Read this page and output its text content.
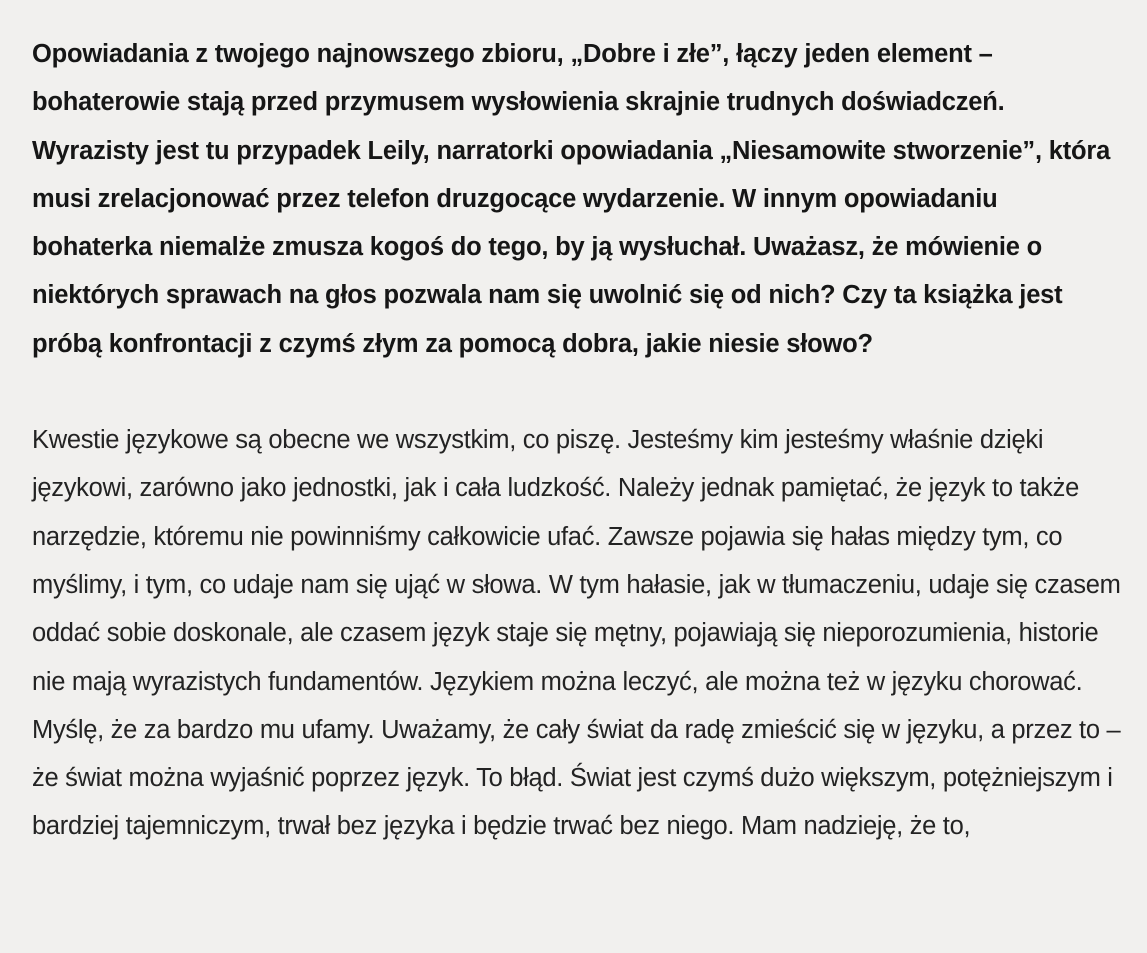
Opowiadania z twojego najnowszego zbioru, „Dobre i złe”, łączy jeden element – bohaterowie stają przed przymusem wysłowienia skrajnie trudnych doświadczeń. Wyrazisty jest tu przypadek Leily, narratorki opowiadania „Niesamowite stworzenie”, która musi zrelacjonować przez telefon druzgocące wydarzenie. W innym opowiadaniu bohaterka niemalże zmusza kogoś do tego, by ją wysłuchał. Uważasz, że mówienie o niektórych sprawach na głos pozwala nam się uwolnić się od nich? Czy ta książka jest próbą konfrontacji z czymś złym za pomocą dobra, jakie niesie słowo?

Kwestie językowe są obecne we wszystkim, co piszę. Jesteśmy kim jesteśmy właśnie dzięki językowi, zarówno jako jednostki, jak i cała ludzkość. Należy jednak pamiętać, że język to także narzędzie, któremu nie powinniśmy całkowicie ufać. Zawsze pojawia się hałas między tym, co myślimy, i tym, co udaje nam się ująć w słowa. W tym hałasie, jak w tłumaczeniu, udaje się czasem oddać sobie doskonale, ale czasem język staje się mętny, pojawiają się nieporozumienia, historie nie mają wyrazistych fundamentów. Językiem można leczyć, ale można też w języku chorować. Myślę, że za bardzo mu ufamy. Uważamy, że cały świat da radę zmieścić się w języku, a przez to – że świat można wyjaśnić poprzez język. To błąd. Świat jest czymś dużo większym, potężniejszym i bardziej tajemniczym, trwał bez języka i będzie trwać bez niego. Mam nadzieję, że to,
